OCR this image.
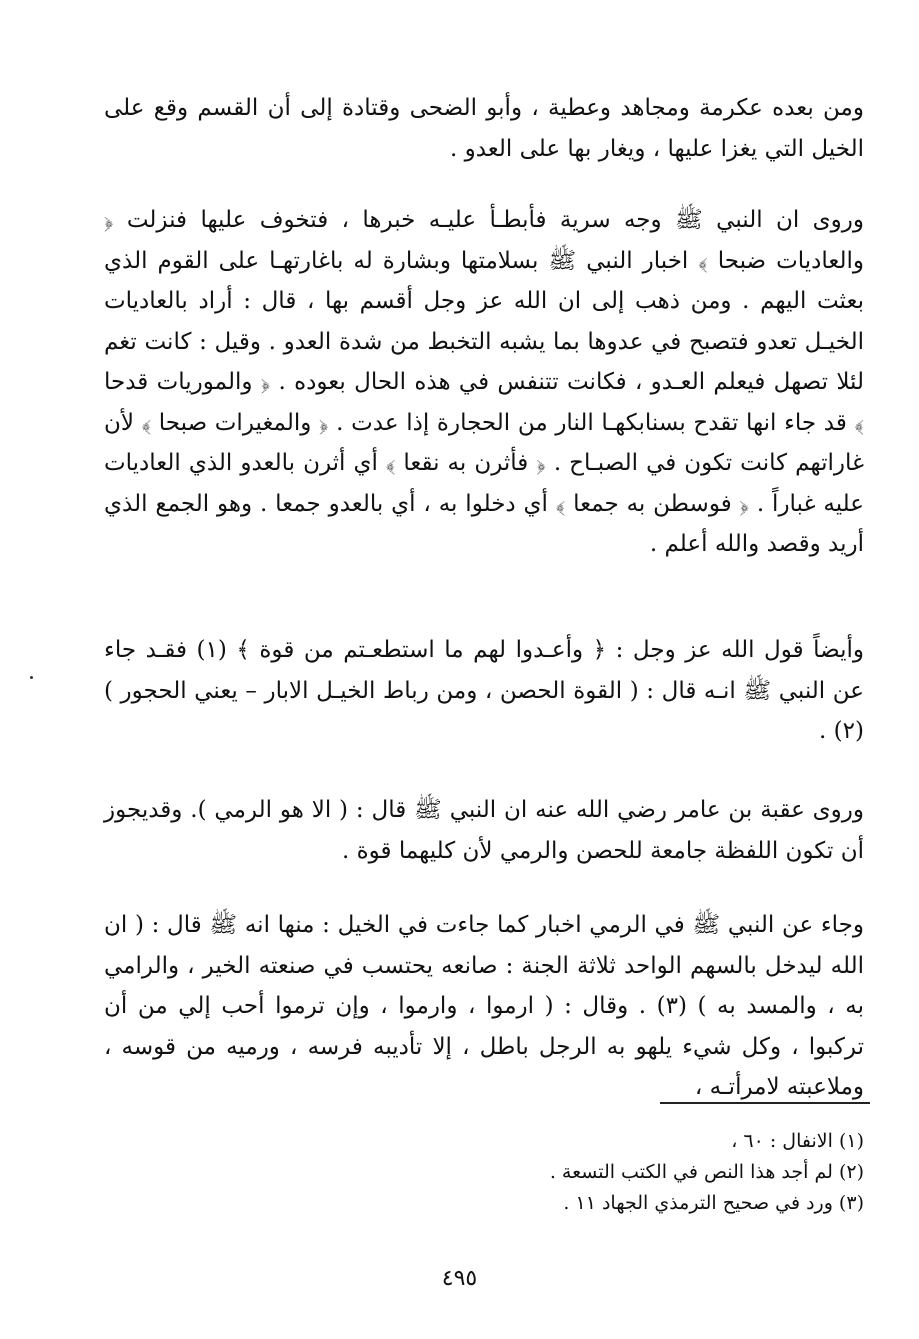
ومن بعده عكرمة ومجاهد وعطية ، وأبو الضحى وقتادة إلى أن القسم وقع على الخيل التي يغزا عليها ، ويغار بها على العدو .

وروى ان النبي ﷺ وجه سرية فأبطـأ عليـه خبرها ، فتخوف عليها فنزلت ﴿ والعاديات ضبحا ﴾ اخبار النبي ﷺ بسلامتها وبشارة له باغارتهـا على القوم الذي بعثت اليهم . ومن ذهب إلى ان الله عز وجل أقسم بها ، قال : أراد بالعاديات الخيـل تعدو فتصبح في عدوها بما يشبه التخبط من شدة العدو . وقيل : كانت تغم لئلا تصهل فيعلم العـدو ، فكانت تتنفس في هذه الحال بعوده . ﴿ والموريات قدحا ﴾ قد جاء انها تقدح بسنابكهـا النار من الحجارة إذا عدت . ﴿ والمغيرات صبحا ﴾ لأن غاراتهم كانت تكون في الصبـاح . ﴿ فأثرن به نقعا ﴾ أي أثرن بالعدو الذي العاديات عليه غباراً . ﴿ فوسطن به جمعا ﴾ أي دخلوا به ، أي بالعدو جمعا . وهو الجمع الذي أريد وقصد والله أعلم .

وأيضاً قول الله عز وجل : ﴿ وأعـدوا لهم ما استطعـتم من قوة ﴾ (١) فقـد جاء عن النبي ﷺ انـه قال : ( القوة الحصن ، ومن رباط الخيـل الابار – يعني الحجور ) (٢) .

وروى عقبة بن عامر رضي الله عنه ان النبي ﷺ قال : ( الا هو الرمي ). وقديجوز أن تكون اللفظة جامعة للحصن والرمي لأن كليهما قوة .

وجاء عن النبي ﷺ في الرمي اخبار كما جاءت في الخيل : منها انه ﷺ قال : ( ان الله ليدخل بالسهم الواحد ثلاثة الجنة : صانعه يحتسب في صنعته الخير ، والرامي به ، والمسد به ) (٣) . وقال : ( ارموا ، وارموا ، وإن ترموا أحب إلي من أن تركبوا ، وكل شيء يلهو به الرجل باطل ، إلا تأديبه فرسه ، ورميه من قوسه ، وملاعبته لامرأتـه ،

(١) الانفال : ٦٠ ،
(٢) لم أجد هذا النص في الكتب التسعة .
(٣) ورد في صحيح الترمذي الجهاد ١١ .
٤٩٥
